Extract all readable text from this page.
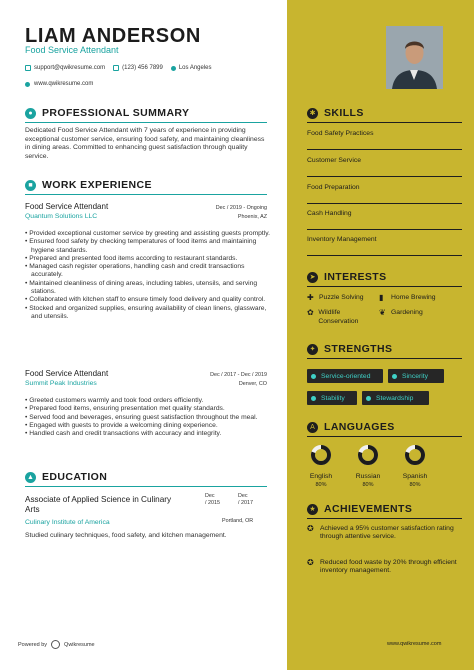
LIAM ANDERSON
Food Service Attendant
support@qwikresume.com	(123) 456 7899	Los Angeles
www.qwikresume.com
● PROFESSIONAL SUMMARY
Dedicated Food Service Attendant with 7 years of experience in providing exceptional customer service, ensuring food safety, and maintaining cleanliness in dining areas. Committed to enhancing guest satisfaction through quality service.
■ WORK EXPERIENCE
Food Service Attendant
Quantum Solutions LLC
Dec / 2019 - Ongoing
Phoenix, AZ
• Provided exceptional customer service by greeting and assisting guests promptly.
• Ensured food safety by checking temperatures of food items and maintaining hygiene standards.
• Prepared and presented food items according to restaurant standards.
• Managed cash register operations, handling cash and credit transactions accurately.
• Maintained cleanliness of dining areas, including tables, utensils, and serving stations.
• Collaborated with kitchen staff to ensure timely food delivery and quality control.
• Stocked and organized supplies, ensuring availability of clean linens, glassware, and utensils.
Food Service Attendant
Summit Peak Industries
Dec / 2017 - Dec / 2019
Denver, CO
• Greeted customers warmly and took food orders efficiently.
• Prepared food items, ensuring presentation met quality standards.
• Served food and beverages, ensuring guest satisfaction throughout the meal.
• Engaged with guests to provide a welcoming dining experience.
• Handled cash and credit transactions with accuracy and integrity.
▲ EDUCATION
Associate of Applied Science in Culinary Arts
Dec
/ 2015
Dec
/ 2017
Portland, OR
Culinary Institute of America
Studied culinary techniques, food safety, and kitchen management.
Powered by	Qwikresume
✱ SKILLS
Food Safety Practices
Customer Service
Food Preparation
Cash Handling
Inventory Management
➤ INTERESTS
✚ Puzzle Solving ▮	Home Brewing
✿ Wildlife Conservation
❦ Gardening
✦ STRENGTHS
Service-oriented	Sincerity
Stability	Stewardship
A LANGUAGES
English
80%
Russian
80%
Spanish
80%
★ ACHIEVEMENTS
✪ Achieved a 95% customer satisfaction rating through attentive service.
✪ Reduced food waste by 20% through efficient inventory management.
www.qwikresume.com
